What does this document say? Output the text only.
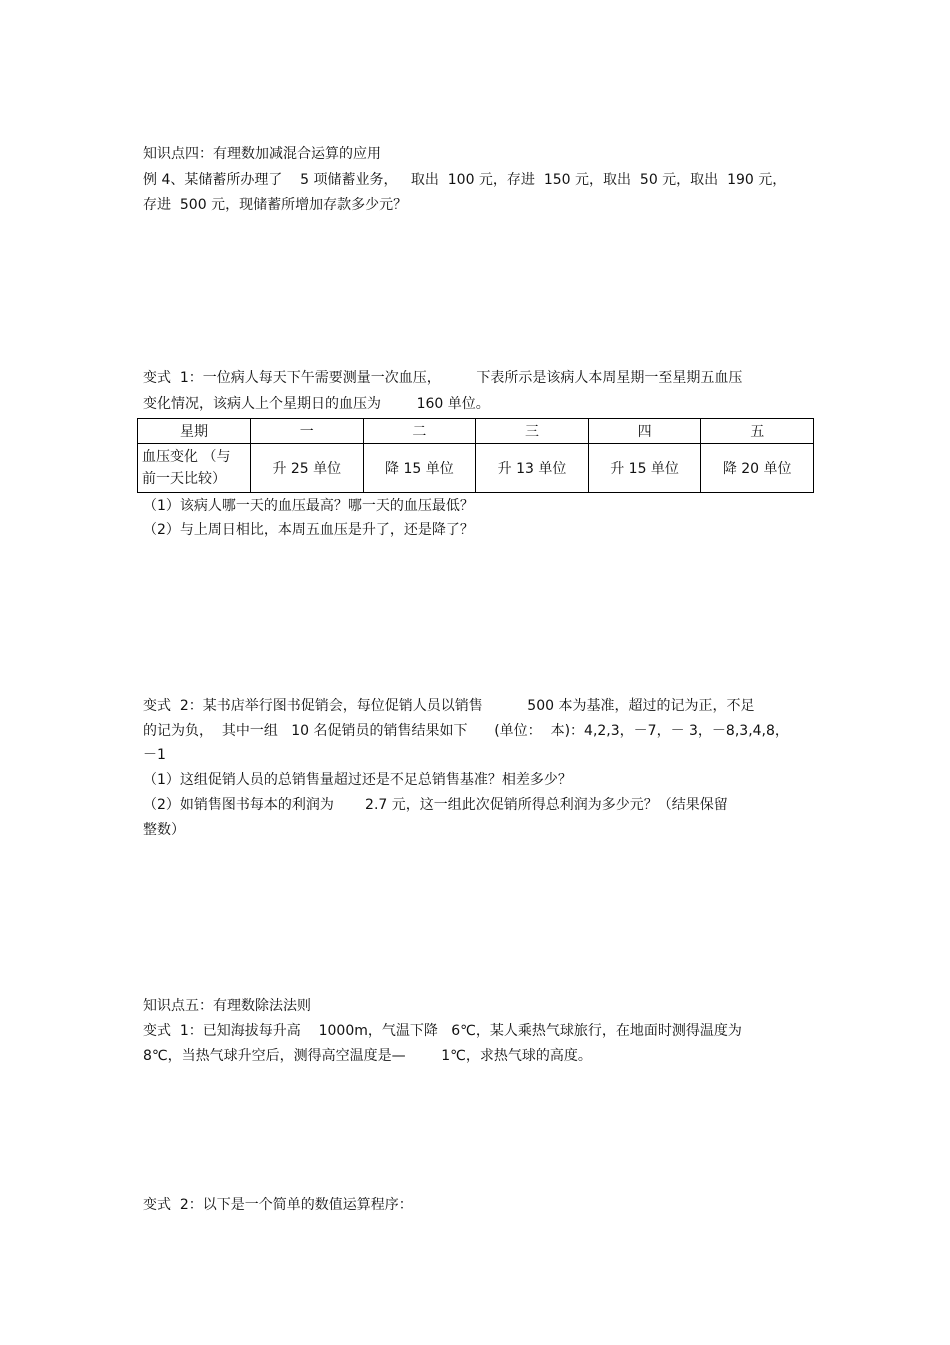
知识点四：有理数加减混合运算的应用
例 4、某储蓄所办理了    5 项储蓄业务，   取出  100 元，存进  150 元，取出  50 元，取出  190 元，
存进  500 元，现储蓄所增加存款多少元？
变式  1：一位病人每天下午需要测量一次血压，        下表所示是该病人本周星期一至星期五血压
变化情况，该病人上个星期日的血压为        160 单位。
星期	一	二	三	四	五

血压变化 （与
前一天比较）	升 25 单位	降 15 单位	升 13 单位	升 15 单位	降 20 单位
（1）该病人哪一天的血压最高？哪一天的血压最低？
（2）与上周日相比，本周五血压是升了，还是降了？
变式  2：某书店举行图书促销会，每位促销人员以销售          500 本为基准，超过的记为正，不足
的记为负，  其中一组   10 名促销员的销售结果如下      (单位：  本)：4,2,3，－7，－ 3，－8,3,4,8，
－1
（1）这组促销人员的总销售量超过还是不足总销售基准？相差多少？
（2）如销售图书每本的利润为       2.7 元，这一组此次促销所得总利润为多少元？（结果保留
整数）
知识点五：有理数除法法则
变式  1：已知海拔每升高    1000m，气温下降   6℃，某人乘热气球旅行，在地面时测得温度为
8℃，当热气球升空后，测得高空温度是—        1℃，求热气球的高度。
变式  2：以下是一个简单的数值运算程序：
